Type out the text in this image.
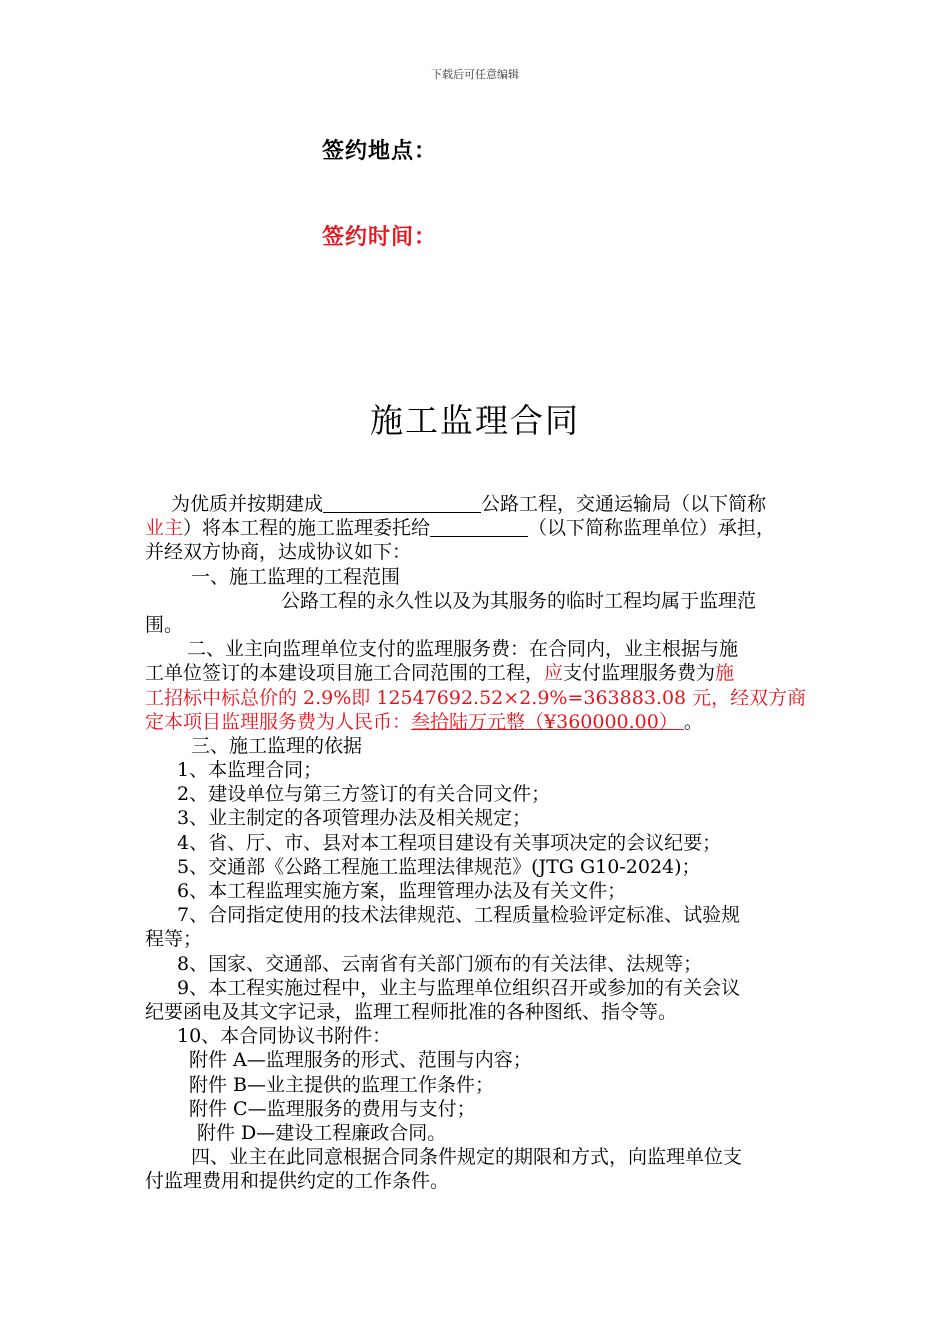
下载后可任意编辑
签约地点：
签约时间：
施工监理合同
为优质并按期建成	公路工程，交通运输局（以下简称
业主）将本工程的施工监理委托给	（以下简称监理单位）承担，
并经双方协商，达成协议如下：
一、施工监理的工程范围
公路工程的永久性以及为其服务的临时工程均属于监理范
围。
二、业主向监理单位支付的监理服务费：在合同内，业主根据与施
工单位签订的本建设项目施工合同范围的工程，应支付监理服务费为施
工招标中标总价的 2.9%即 12547692.52×2.9%=363883.08 元，经双方商
定本项目监理服务费为人民币：叁拾陆万元整（¥360000.00） 。
三、施工监理的依据
1、本监理合同；
2、建设单位与第三方签订的有关合同文件；
3、业主制定的各项管理办法及相关规定；
4、省、厅、市、县对本工程项目建设有关事项决定的会议纪要；
5、交通部《公路工程施工监理法律规范》(JTG G10-2024)；
6、本工程监理实施方案，监理管理办法及有关文件；
7、合同指定使用的技术法律规范、工程质量检验评定标准、试验规
程等；
8、国家、交通部、云南省有关部门颁布的有关法律、法规等；
9、本工程实施过程中，业主与监理单位组织召开或参加的有关会议
纪要函电及其文字记录，监理工程师批准的各种图纸、指令等。
10、本合同协议书附件：
附件 A—监理服务的形式、范围与内容；
附件 B—业主提供的监理工作条件；
附件 C—监理服务的费用与支付；
附件 D—建设工程廉政合同。
四、业主在此同意根据合同条件规定的期限和方式，向监理单位支
付监理费用和提供约定的工作条件。
